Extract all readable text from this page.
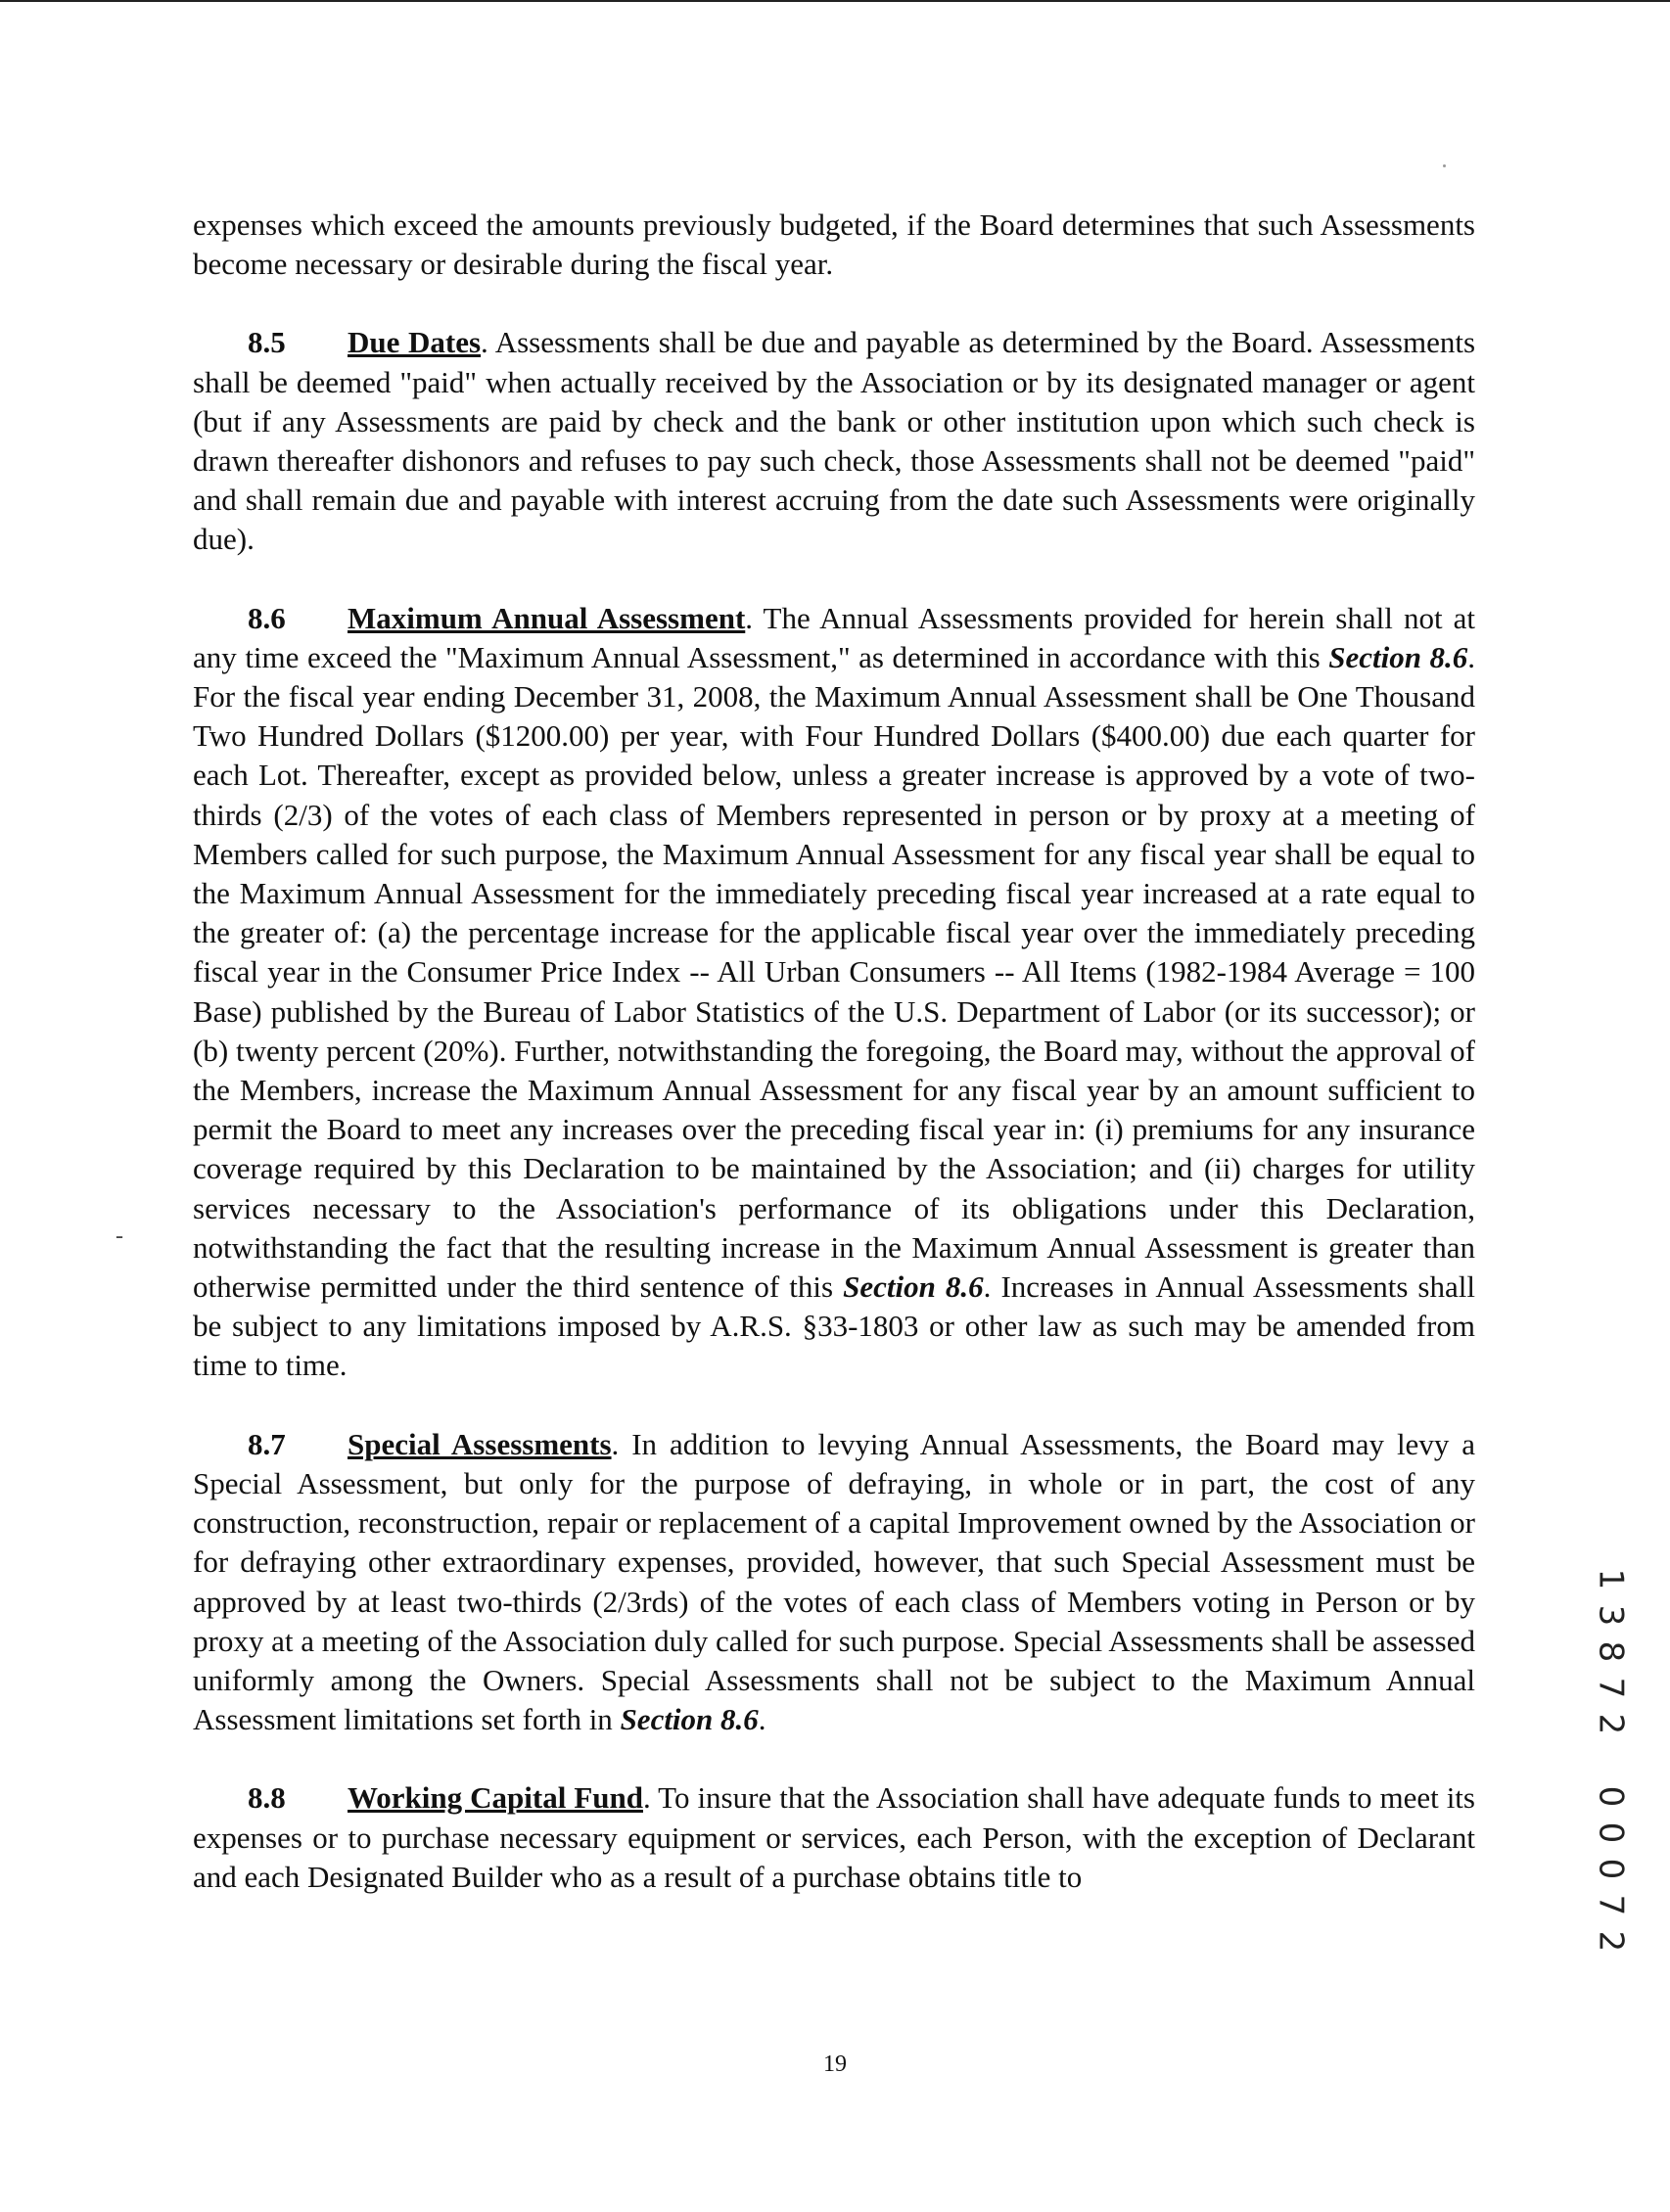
expenses which exceed the amounts previously budgeted, if the Board determines that such Assessments become necessary or desirable during the fiscal year.

8.5 Due Dates. Assessments shall be due and payable as determined by the Board. Assessments shall be deemed "paid" when actually received by the Association or by its designated manager or agent (but if any Assessments are paid by check and the bank or other institution upon which such check is drawn thereafter dishonors and refuses to pay such check, those Assessments shall not be deemed "paid" and shall remain due and payable with interest accruing from the date such Assessments were originally due).

8.6 Maximum Annual Assessment. The Annual Assessments provided for herein shall not at any time exceed the "Maximum Annual Assessment," as determined in accordance with this Section 8.6. For the fiscal year ending December 31, 2008, the Maximum Annual Assessment shall be One Thousand Two Hundred Dollars ($1200.00) per year, with Four Hundred Dollars ($400.00) due each quarter for each Lot. Thereafter, except as provided below, unless a greater increase is approved by a vote of two-thirds (2/3) of the votes of each class of Members represented in person or by proxy at a meeting of Members called for such purpose, the Maximum Annual Assessment for any fiscal year shall be equal to the Maximum Annual Assessment for the immediately preceding fiscal year increased at a rate equal to the greater of: (a) the percentage increase for the applicable fiscal year over the immediately preceding fiscal year in the Consumer Price Index -- All Urban Consumers -- All Items (1982-1984 Average = 100 Base) published by the Bureau of Labor Statistics of the U.S. Department of Labor (or its successor); or (b) twenty percent (20%). Further, notwithstanding the foregoing, the Board may, without the approval of the Members, increase the Maximum Annual Assessment for any fiscal year by an amount sufficient to permit the Board to meet any increases over the preceding fiscal year in: (i) premiums for any insurance coverage required by this Declaration to be maintained by the Association; and (ii) charges for utility services necessary to the Association's performance of its obligations under this Declaration, notwithstanding the fact that the resulting increase in the Maximum Annual Assessment is greater than otherwise permitted under the third sentence of this Section 8.6. Increases in Annual Assessments shall be subject to any limitations imposed by A.R.S. §33-1803 or other law as such may be amended from time to time.

8.7 Special Assessments. In addition to levying Annual Assessments, the Board may levy a Special Assessment, but only for the purpose of defraying, in whole or in part, the cost of any construction, reconstruction, repair or replacement of a capital Improvement owned by the Association or for defraying other extraordinary expenses, provided, however, that such Special Assessment must be approved by at least two-thirds (2/3rds) of the votes of each class of Members voting in Person or by proxy at a meeting of the Association duly called for such purpose. Special Assessments shall be assessed uniformly among the Owners. Special Assessments shall not be subject to the Maximum Annual Assessment limitations set forth in Section 8.6.

8.8 Working Capital Fund. To insure that the Association shall have adequate funds to meet its expenses or to purchase necessary equipment or services, each Person, with the exception of Declarant and each Designated Builder who as a result of a purchase obtains title to

-
1
3
8
7
2
0
0
0
7
2
19
